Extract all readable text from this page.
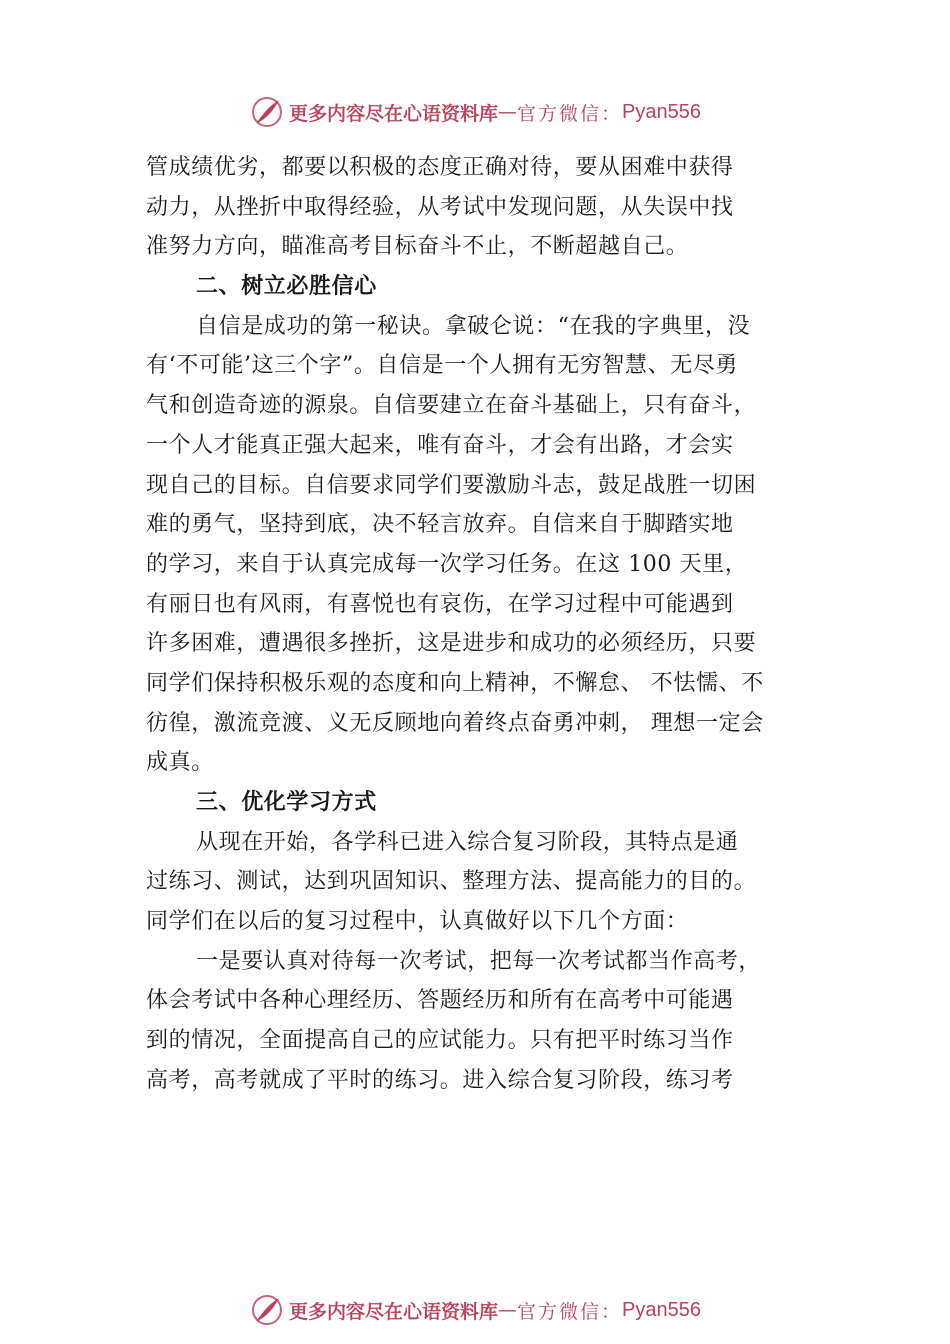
更多内容尽在心语资料库 — 官方微信： Pyan556
管成绩优劣，都要以积极的态度正确对待，要从困难中获得
动力，从挫折中取得经验，从考试中发现问题，从失误中找
准努力方向，瞄准高考目标奋斗不止，不断超越自己。
二、树立必胜信心
自信是成功的第一秘诀。拿破仑说：“在我的字典里，没
有‘不可能’这三个字”。自信是一个人拥有无穷智慧、无尽勇
气和创造奇迹的源泉。自信要建立在奋斗基础上，只有奋斗，
一个人才能真正强大起来，唯有奋斗，才会有出路，才会实
现自己的目标。自信要求同学们要激励斗志，鼓足战胜一切困
难的勇气，坚持到底，决不轻言放弃。自信来自于脚踏实地
的学习，来自于认真完成每一次学习任务。在这 100 天里，
有丽日也有风雨，有喜悦也有哀伤，在学习过程中可能遇到
许多困难，遭遇很多挫折，这是进步和成功的必须经历，只要
同学们保持积极乐观的态度和向上精神，不懈怠、 不怯懦、不
彷徨，激流竞渡、义无反顾地向着终点奋勇冲刺， 理想一定会
成真。
三、优化学习方式
从现在开始，各学科已进入综合复习阶段，其特点是通
过练习、测试，达到巩固知识、整理方法、提高能力的目的。
同学们在以后的复习过程中，认真做好以下几个方面：
一是要认真对待每一次考试，把每一次考试都当作高考，
体会考试中各种心理经历、答题经历和所有在高考中可能遇
到的情况，全面提高自己的应试能力。只有把平时练习当作
高考，高考就成了平时的练习。进入综合复习阶段，练习考
更多内容尽在心语资料库 — 官方微信： Pyan556
